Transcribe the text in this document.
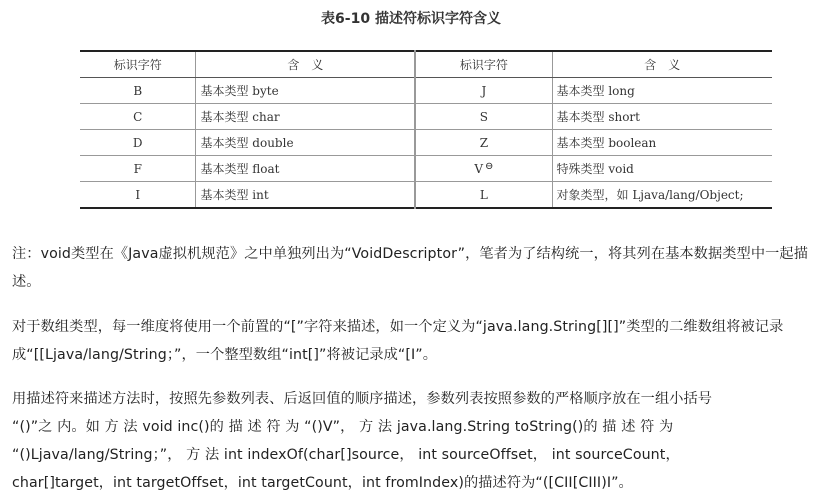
表6-10 描述符标识字符含义
标识字符	含　义	标识字符	含　义
B	基本类型 byte	J	基本类型 long
C	基本类型 char	S	基本类型 short
D	基本类型 double	Z	基本类型 boolean
F	基本类型 float	V ⊖	特殊类型 void
I	基本类型 int	L	对象类型，如 Ljava/lang/Object;
注：void类型在《Java虚拟机规范》之中单独列出为“VoidDescriptor”，笔者为了结构统一，将其列在基本数据类型中一起描述。
对于数组类型，每一维度将使用一个前置的“[”字符来描述，如一个定义为“java.lang.String[][]”类型的二维数组将被记录成“[[Ljava/lang/String；”，一个整型数组“int[]”将被记录成“[I”。
用描述符来描述方法时，按照先参数列表、后返回值的顺序描述，参数列表按照参数的严格顺序放在一组小括号
“()”之 内。如 方 法 void inc()的 描 述 符 为 “()V”， 方 法 java.lang.String toString()的 描 述 符 为
“()Ljava/lang/String；”， 方 法 int indexOf(char[]source， int sourceOffset， int sourceCount，
char[]target，int targetOffset，int targetCount，int fromIndex)的描述符为“([CII[CIII)I”。
